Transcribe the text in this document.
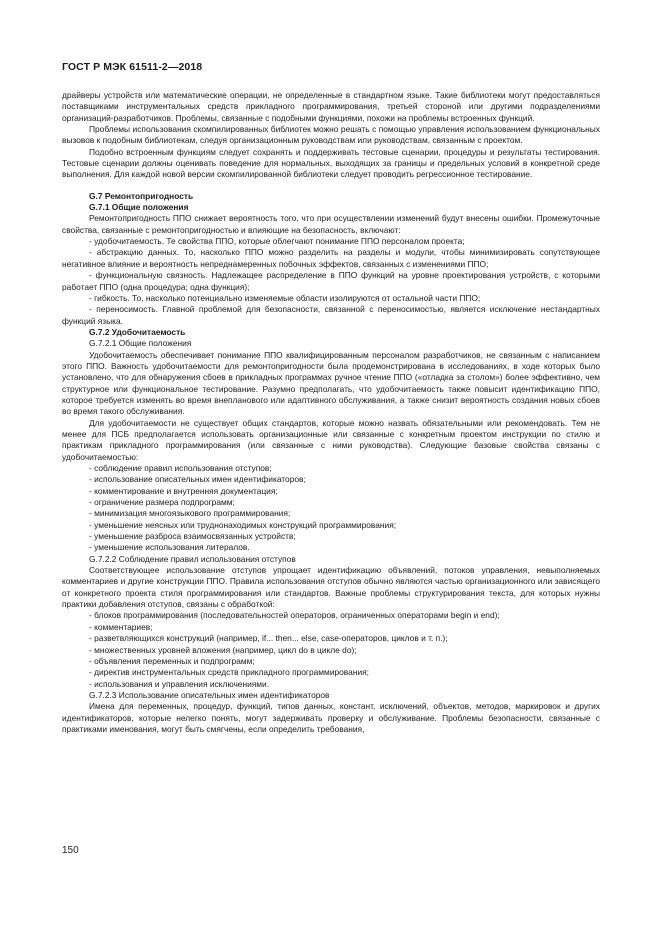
ГОСТ Р МЭК 61511-2—2018

драйверы устройств или математические операции, не определенные в стандартном языке. Такие библиотеки могут предоставляться поставщиками инструментальных средств прикладного программирования, третьей стороной или другими подразделениями организаций-разработчиков. Проблемы, связанные с подобными функциями, похожи на проблемы встроенных функций.

Проблемы использования скомпилированных библиотек можно решать с помощью управления использованием функциональных вызовов к подобным библиотекам, следуя организационным руководствам или руководствам, связанным с проектом.

Подобно встроенным функциям следует сохранять и поддерживать тестовые сценарии, процедуры и результаты тестирования. Тестовые сценарии должны оценивать поведение для нормальных, выходящих за границы и предельных условий в конкретной среде выполнения. Для каждой новой версии скомпилированной библиотеки следует проводить регрессионное тестирование.

G.7 Ремонтопригодность

G.7.1 Общие положения

Ремонтопригодность ППО снижает вероятность того, что при осуществлении изменений будут внесены ошибки. Промежуточные свойства, связанные с ремонтопригодностью и влияющие на безопасность, включают:

- удобочитаемость. Те свойства ППО, которые облегчают понимание ППО персоналом проекта;

- абстракцию данных. То, насколько ППО можно разделить на разделы и модули, чтобы минимизировать сопутствующее негативное влияние и вероятность непреднамеренных побочных эффектов, связанных с изменениями ППО;

- функциональную связность. Надлежащее распределение в ППО функций на уровне проектирования устройств, с которыми работает ППО (одна процедура; одна функция);

- гибкость. То, насколько потенциально изменяемые области изолируются от остальной части ППО;

- переносимость. Главной проблемой для безопасности, связанной с переносимостью, является исключение нестандартных функций языка.

G.7.2 Удобочитаемость

G.7.2.1 Общие положения

Удобочитаемость обеспечивает понимание ППО квалифицированным персоналом разработчиков, не связанным с написанием этого ППО. Важность удобочитаемости для ремонтопригодности была продемонстрирована в исследованиях, в ходе которых было установлено, что для обнаружения сбоев в прикладных программах ручное чтение ППО («отладка за столом») более эффективно, чем структурное или функциональное тестирование. Разумно предполагать, что удобочитаемость также повысит идентификацию ППО, которое требуется изменять во время внепланового или адаптивного обслуживания, а также снизит вероятность создания новых сбоев во время такого обслуживания.

Для удобочитаемости не существует общих стандартов, которые можно назвать обязательными или рекомендовать. Тем не менее для ПСБ предполагается использовать организационные или связанные с конкретным проектом инструкции по стилю и практикам прикладного программирования (или связанные с ними руководства). Следующие базовые свойства связаны с удобочитаемостью:

- соблюдение правил использования отступов;

- использование описательных имен идентификаторов;

- комментирование и внутренняя документация;

- ограничение размера подпрограмм;

- минимизация многоязыкового программирования;

- уменьшение неясных или труднонаходимых конструкций программирования;

- уменьшение разброса взаимосвязанных устройств;

- уменьшение использования литералов.

G.7.2.2 Соблюдение правил использования отступов

Соответствующее использование отступов упрощает идентификацию объявлений, потоков управления, невыполняемых комментариев и другие конструкции ППО. Правила использования отступов обычно являются частью организационного или зависящего от конкретного проекта стиля программирования или стандартов. Важные проблемы структурирования текста, для которых нужны практики добавления отступов, связаны с обработкой:

- блоков программирования (последовательностей операторов, ограниченных операторами begin и end);

- комментариев;

- разветвляющихся конструкций (например, if... then... else, case-операторов, циклов и т. п.);

- множественных уровней вложения (например, цикл do в цикле do);

- объявления переменных и подпрограмм;

- директив инструментальных средств прикладного программирования;

- использования и управления исключениями.

G.7.2.3 Использование описательных имен идентификаторов

Имена для переменных, процедур, функций, типов данных, констант, исключений, объектов, методов, маркировок и других идентификаторов, которые нелегко понять, могут задерживать проверку и обслуживание. Проблемы безопасности, связанные с практиками именования, могут быть смягчены, если определить требования,

150
